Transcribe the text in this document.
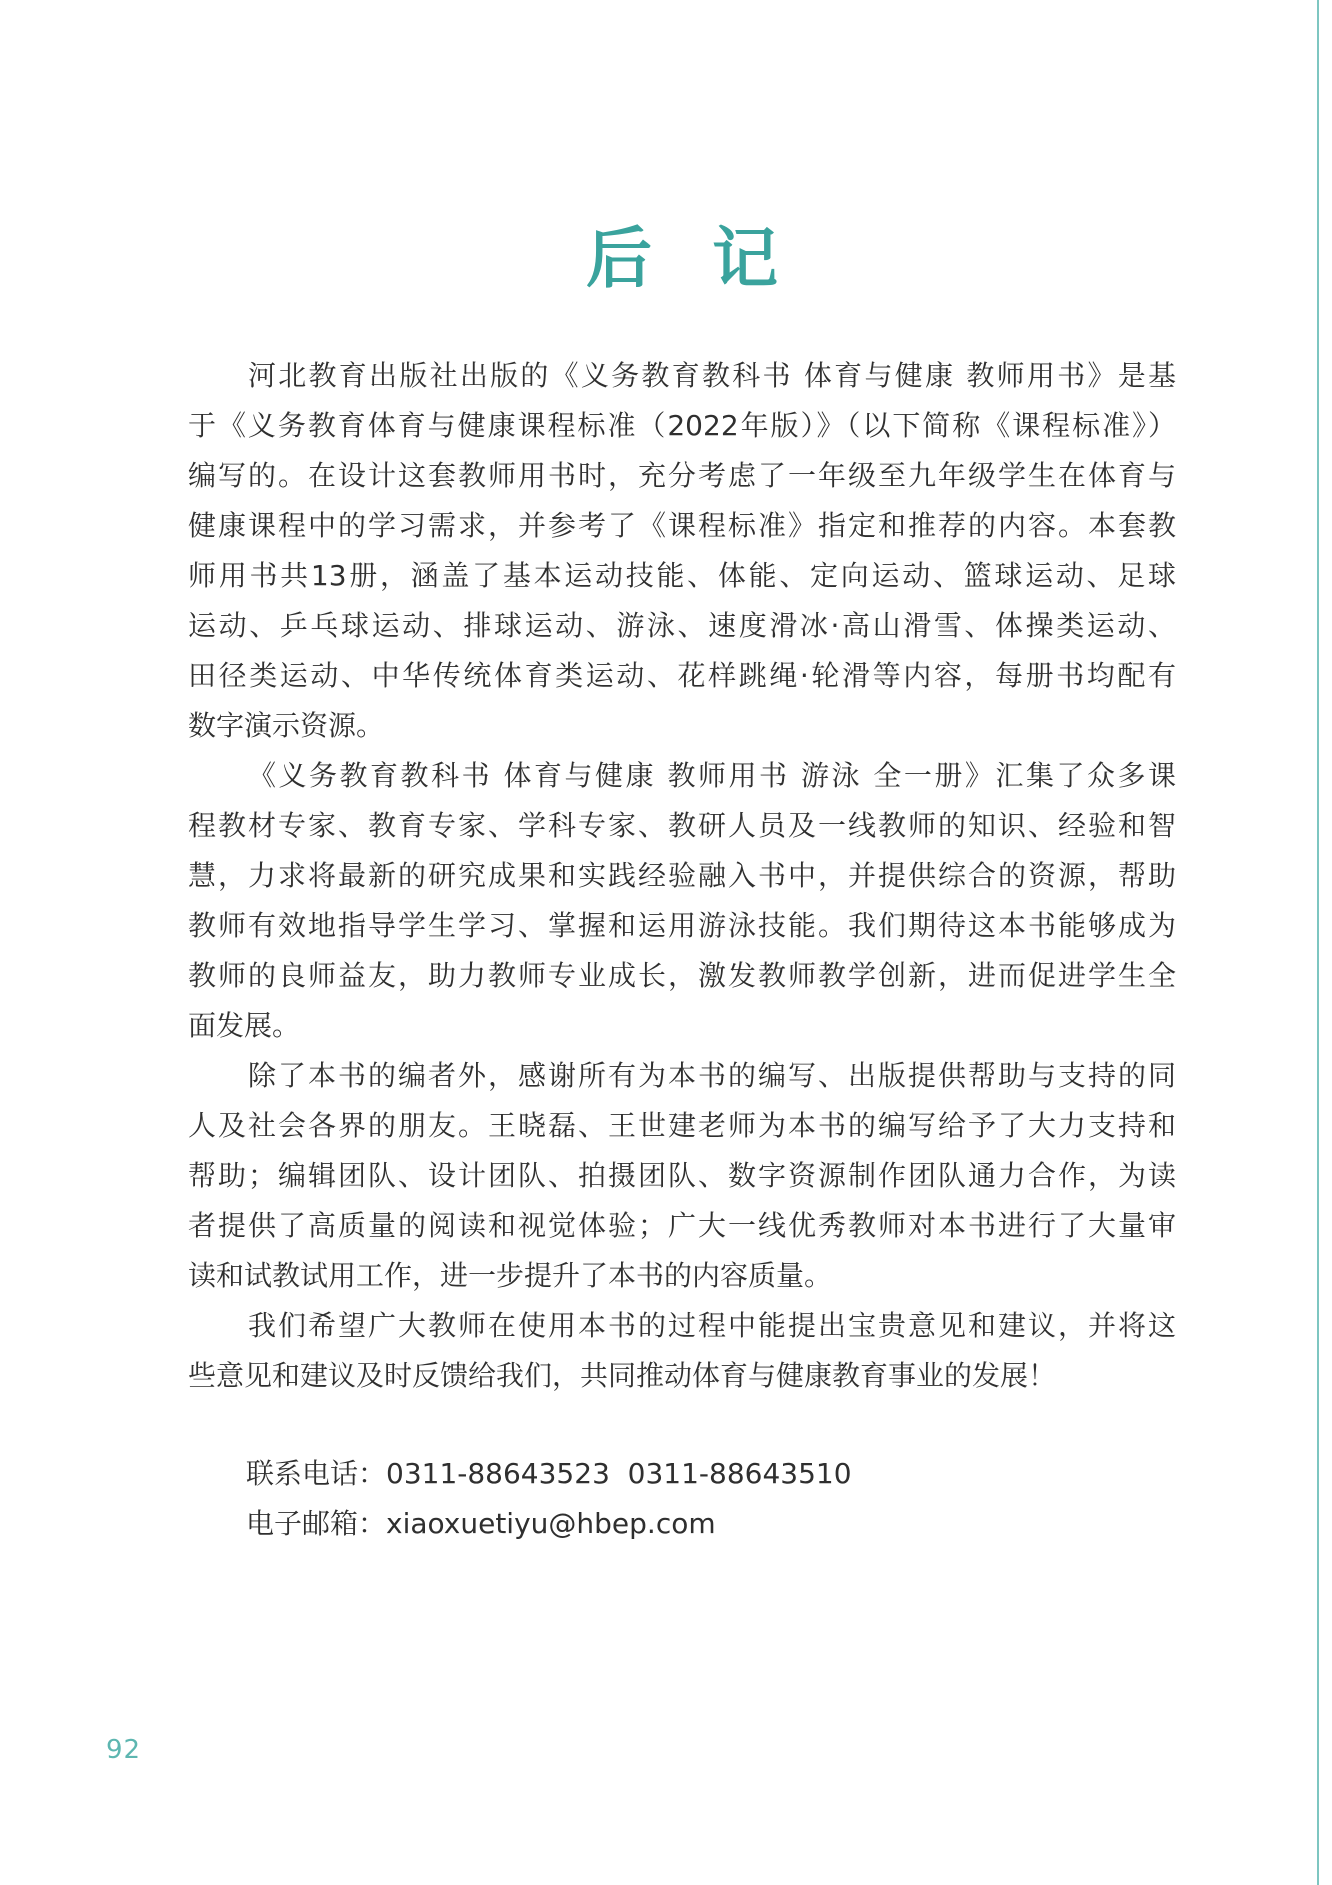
后记
河北教育出版社出版的《义务教育教科书 体育与健康 教师用书》是基
于《义务教育体育与健康课程标准（2022年版）》（以下简称《课程标准》）
编写的。在设计这套教师用书时，充分考虑了一年级至九年级学生在体育与
健康课程中的学习需求，并参考了《课程标准》指定和推荐的内容。本套教
师用书共13册，涵盖了基本运动技能、体能、定向运动、篮球运动、足球
运动、乒乓球运动、排球运动、游泳、速度滑冰·高山滑雪、体操类运动、
田径类运动、中华传统体育类运动、花样跳绳·轮滑等内容，每册书均配有
数字演示资源。
《义务教育教科书 体育与健康 教师用书 游泳 全一册》汇集了众多课
程教材专家、教育专家、学科专家、教研人员及一线教师的知识、经验和智
慧，力求将最新的研究成果和实践经验融入书中，并提供综合的资源，帮助
教师有效地指导学生学习、掌握和运用游泳技能。我们期待这本书能够成为
教师的良师益友，助力教师专业成长，激发教师教学创新，进而促进学生全
面发展。
除了本书的编者外，感谢所有为本书的编写、出版提供帮助与支持的同
人及社会各界的朋友。王晓磊、王世建老师为本书的编写给予了大力支持和
帮助；编辑团队、设计团队、拍摄团队、数字资源制作团队通力合作，为读
者提供了高质量的阅读和视觉体验；广大一线优秀教师对本书进行了大量审
读和试教试用工作，进一步提升了本书的内容质量。
我们希望广大教师在使用本书的过程中能提出宝贵意见和建议，并将这
些意见和建议及时反馈给我们，共同推动体育与健康教育事业的发展！
联系电话：0311-88643523  0311-88643510
电子邮箱：xiaoxuetiyu@hbep.com
92
